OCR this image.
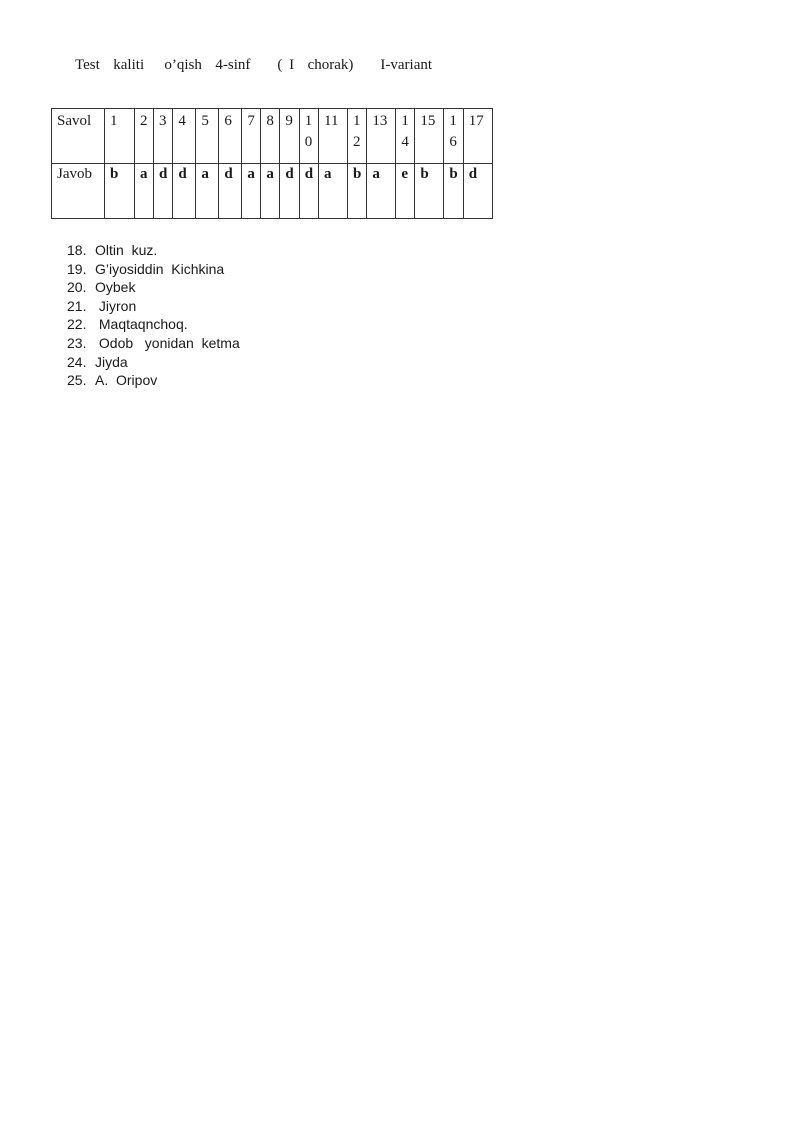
Test  kaliti   o’qish  4-sinf    ( I  chorak)    I-variant
Savol	1	2	3	4	5	6	7	8	9	10	11	12	13	14	15	16	17
Javob	b	a	d	d	a	d	a	a	d	d	a	b	a	e	b	b	d
18. Oltin  kuz.
19. G’iyosiddin  Kichkina
20. Oybek
21. Jiyron
22. Maqtaqnchoq.
23. Odob   yonidan  ketma
24. Jiyda
25. A.  Oripov
